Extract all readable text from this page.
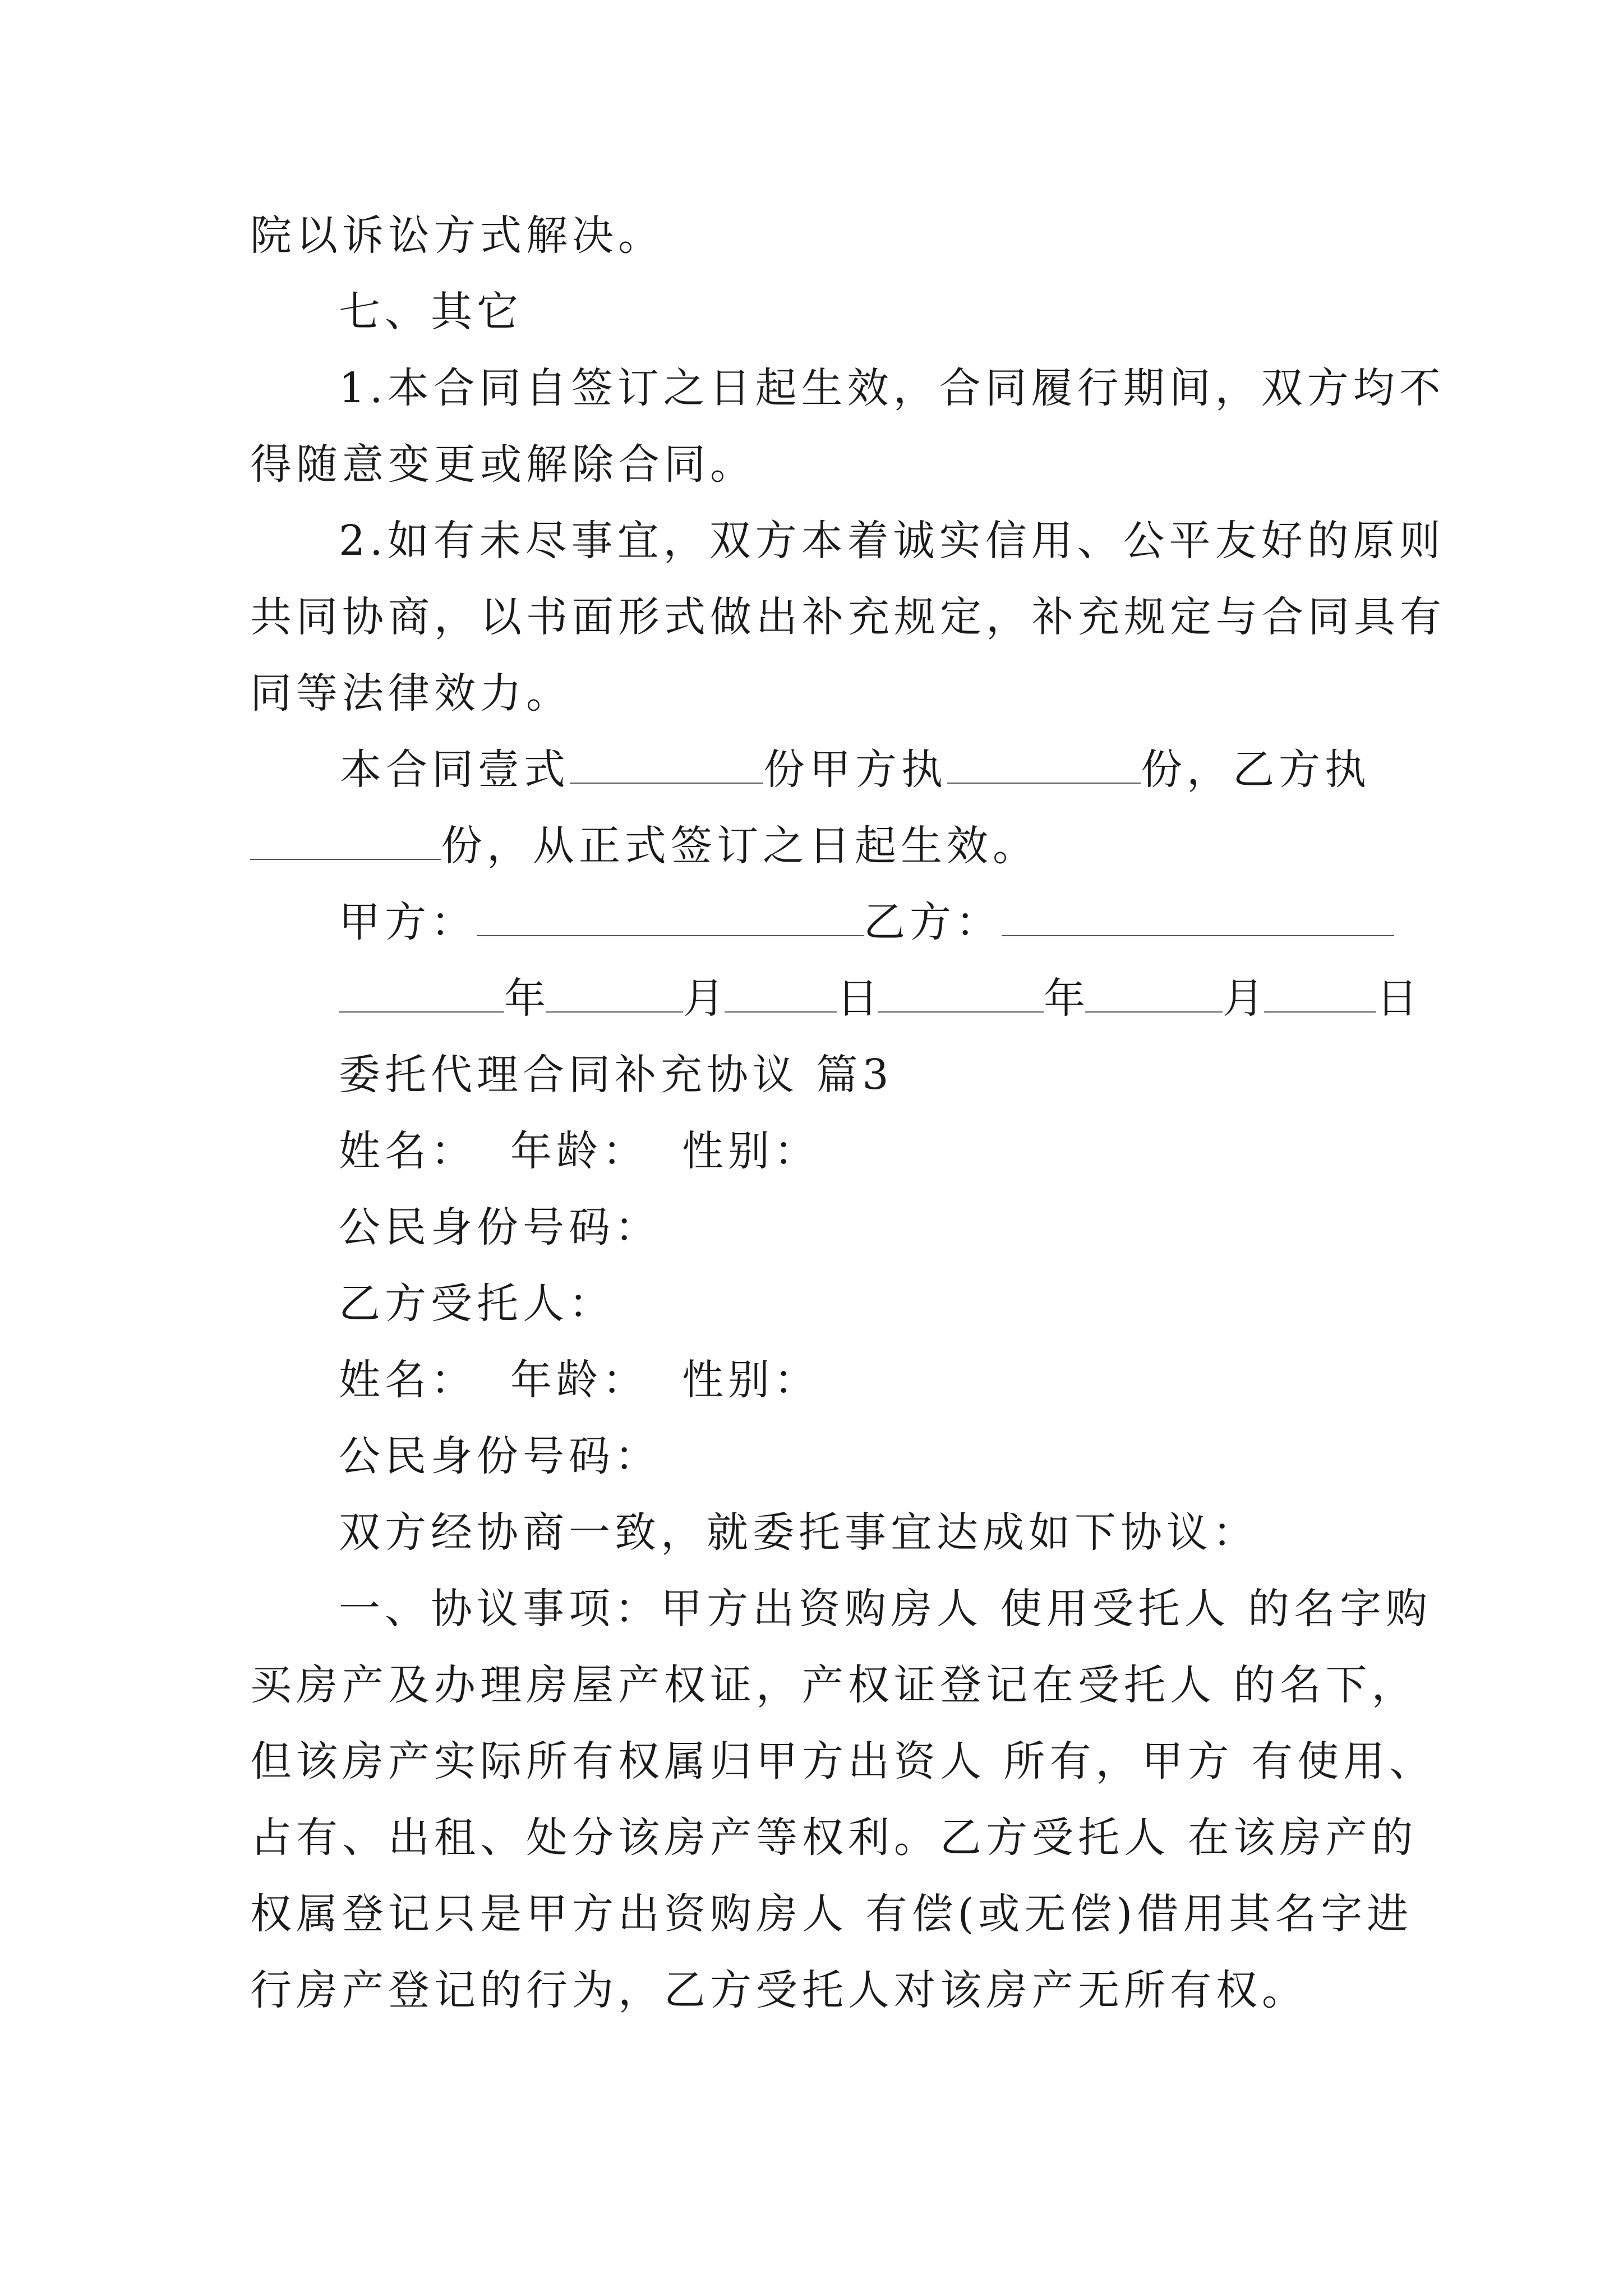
院以诉讼方式解决。
七、其它
1.本合同自签订之日起生效，合同履行期间，双方均不
得随意变更或解除合同。
2.如有未尽事宜，双方本着诚实信用、公平友好的原则
共同协商，以书面形式做出补充规定，补充规定与合同具有
同等法律效力。
本合同壹式	份甲方执	份，乙方执
份，从正式签订之日起生效。
甲方：	乙方：
年	月	日	年	月	日
委托代理合同补充协议 篇3
姓名： 年龄： 性别：
公民身份号码：
乙方受托人：
姓名： 年龄： 性别：
公民身份号码：
双方经协商一致，就委托事宜达成如下协议：
一、协议事项：甲方出资购房人 使用受托人 的名字购
买房产及办理房屋产权证，产权证登记在受托人 的名下，
但该房产实际所有权属归甲方出资人 所有，甲方 有使用、
占有、出租、处分该房产等权利。乙方受托人 在该房产的
权属登记只是甲方出资购房人 有偿(或无偿)借用其名字进
行房产登记的行为，乙方受托人对该房产无所有权。
